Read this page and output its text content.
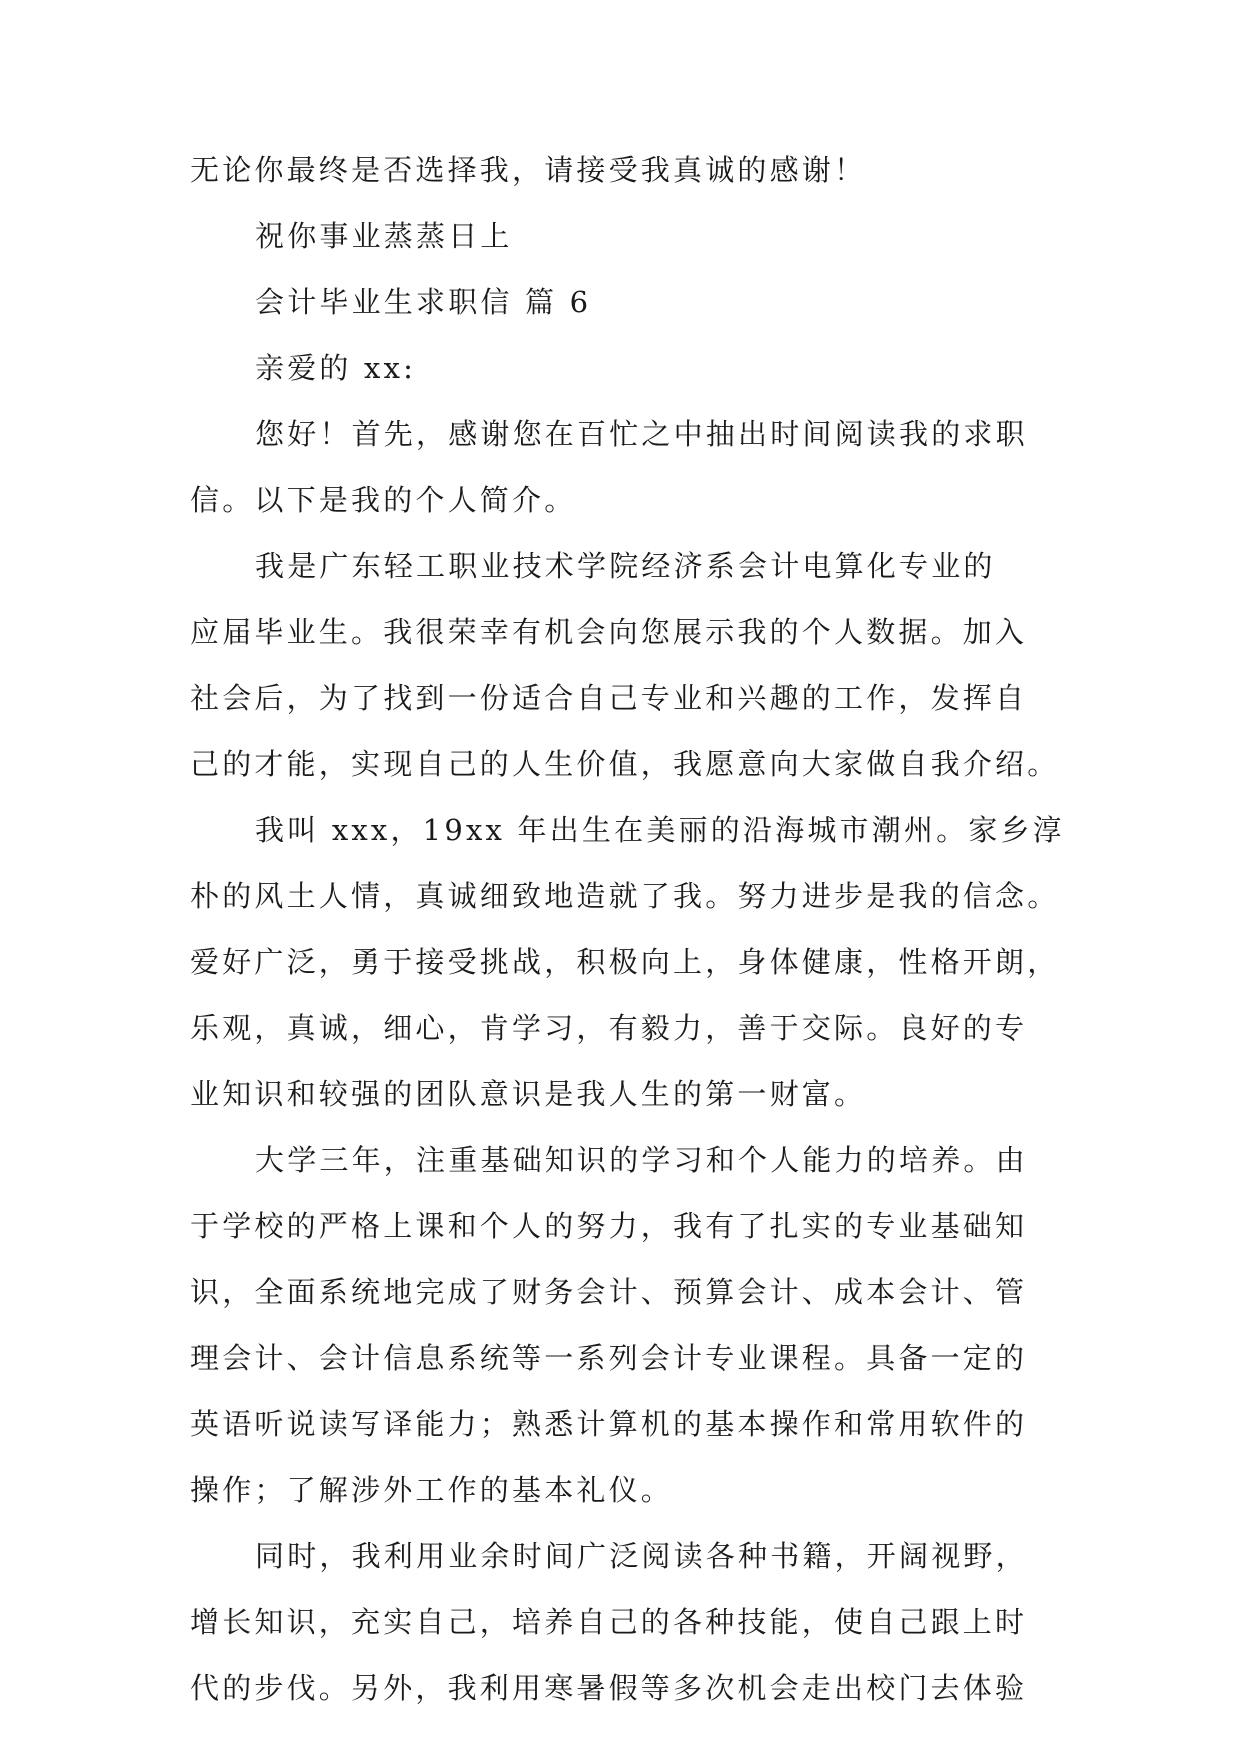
无论你最终是否选择我，请接受我真诚的感谢！
祝你事业蒸蒸日上
会计毕业生求职信 篇 6
亲爱的 xx:
您好！首先，感谢您在百忙之中抽出时间阅读我的求职
信。以下是我的个人简介。
我是广东轻工职业技术学院经济系会计电算化专业的
应届毕业生。我很荣幸有机会向您展示我的个人数据。加入
社会后，为了找到一份适合自己专业和兴趣的工作，发挥自
己的才能，实现自己的人生价值，我愿意向大家做自我介绍。
我叫 xxx，19xx 年出生在美丽的沿海城市潮州。家乡淳
朴的风土人情，真诚细致地造就了我。努力进步是我的信念。
爱好广泛，勇于接受挑战，积极向上，身体健康，性格开朗，
乐观，真诚，细心，肯学习，有毅力，善于交际。良好的专
业知识和较强的团队意识是我人生的第一财富。
大学三年，注重基础知识的学习和个人能力的培养。由
于学校的严格上课和个人的努力，我有了扎实的专业基础知
识，全面系统地完成了财务会计、预算会计、成本会计、管
理会计、会计信息系统等一系列会计专业课程。具备一定的
英语听说读写译能力；熟悉计算机的基本操作和常用软件的
操作；了解涉外工作的基本礼仪。
同时，我利用业余时间广泛阅读各种书籍，开阔视野，
增长知识，充实自己，培养自己的各种技能，使自己跟上时
代的步伐。另外，我利用寒暑假等多次机会走出校门去体验
